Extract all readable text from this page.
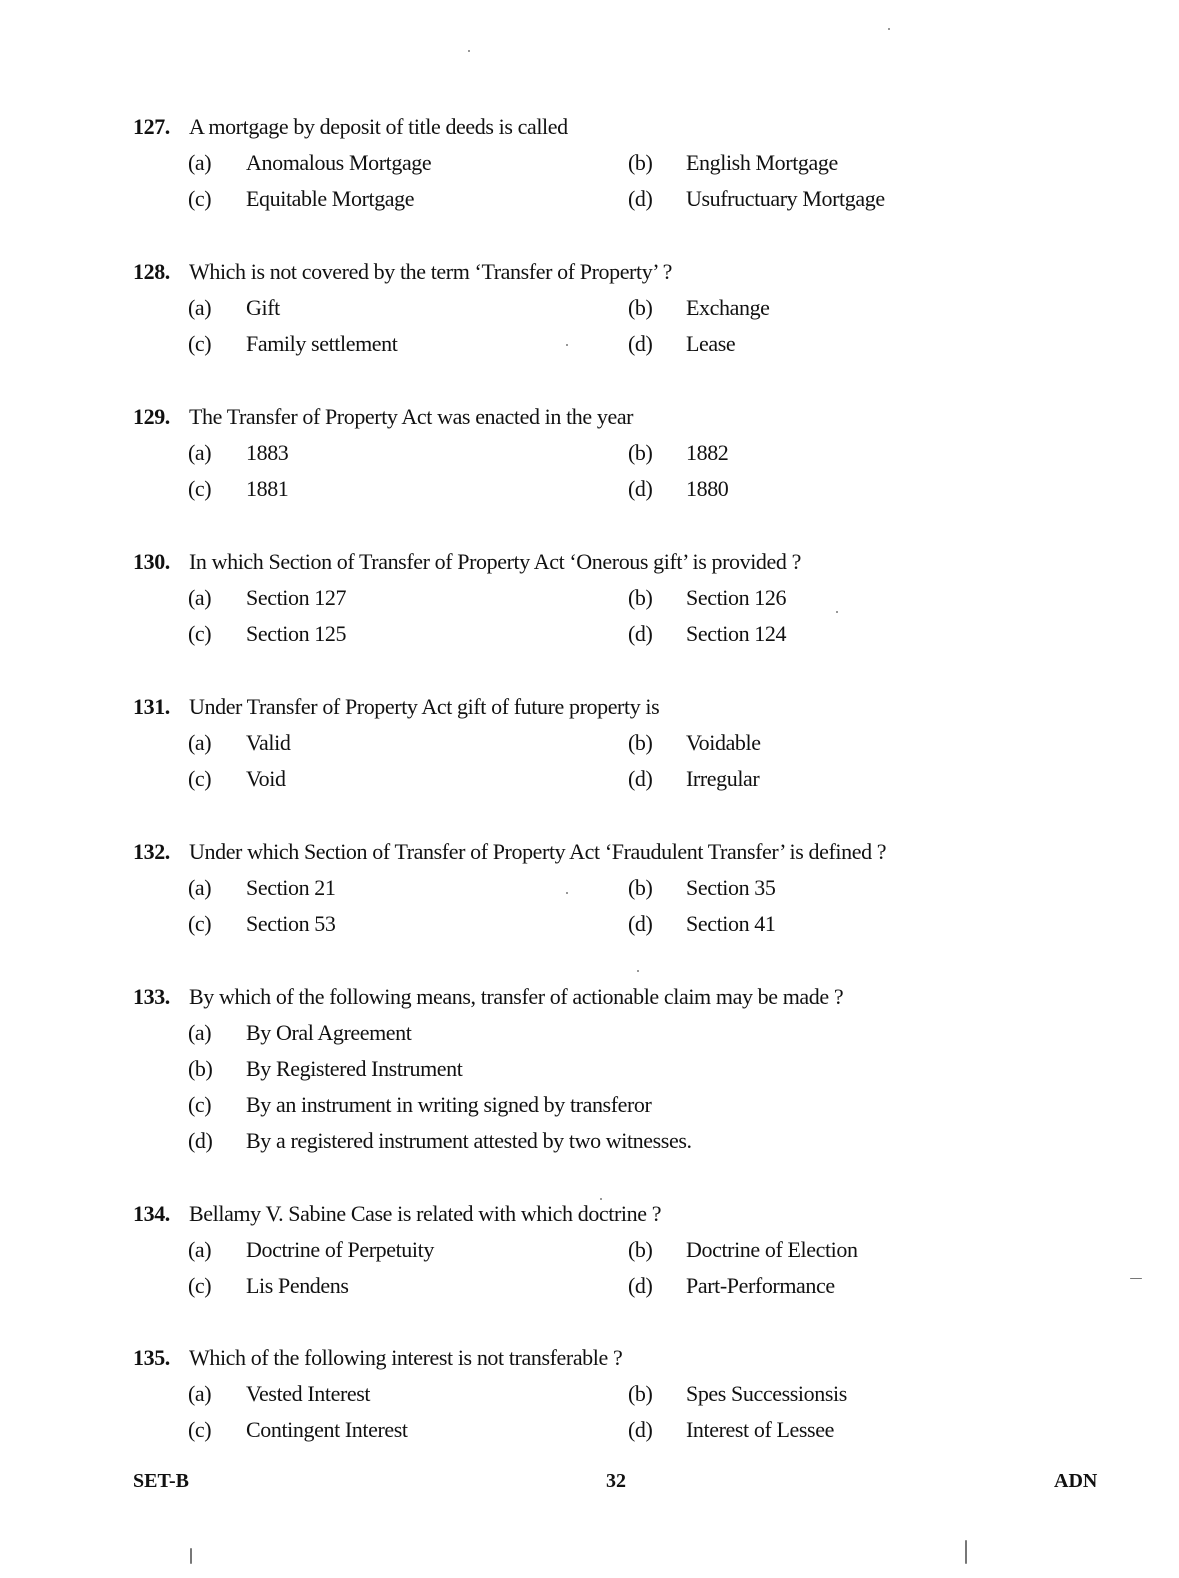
127. A mortgage by deposit of title deeds is called
(a) Anomalous Mortgage	(b) English Mortgage
(c) Equitable Mortgage	(d) Usufructuary Mortgage
128. Which is not covered by the term ‘Transfer of Property’ ?
(a) Gift	(b) Exchange
(c) Family settlement	(d) Lease
129. The Transfer of Property Act was enacted in the year
(a) 1883	(b) 1882
(c) 1881	(d) 1880
130. In which Section of Transfer of Property Act ‘Onerous gift’ is provided ?
(a) Section 127	(b) Section 126
(c) Section 125	(d) Section 124
131. Under Transfer of Property Act gift of future property is
(a) Valid	(b) Voidable
(c) Void	(d) Irregular
132. Under which Section of Transfer of Property Act ‘Fraudulent Transfer’ is defined ?
(a) Section 21	(b) Section 35
(c) Section 53	(d) Section 41
133. By which of the following means, transfer of actionable claim may be made ?
(a) By Oral Agreement
(b) By Registered Instrument
(c) By an instrument in writing signed by transferor
(d) By a registered instrument attested by two witnesses.
134. Bellamy V. Sabine Case is related with which doctrine ?
(a) Doctrine of Perpetuity	(b) Doctrine of Election
(c) Lis Pendens	(d) Part-Performance
135. Which of the following interest is not transferable ?
(a) Vested Interest	(b) Spes Successionsis
(c) Contingent Interest	(d) Interest of Lessee
SET-B	32	ADN
